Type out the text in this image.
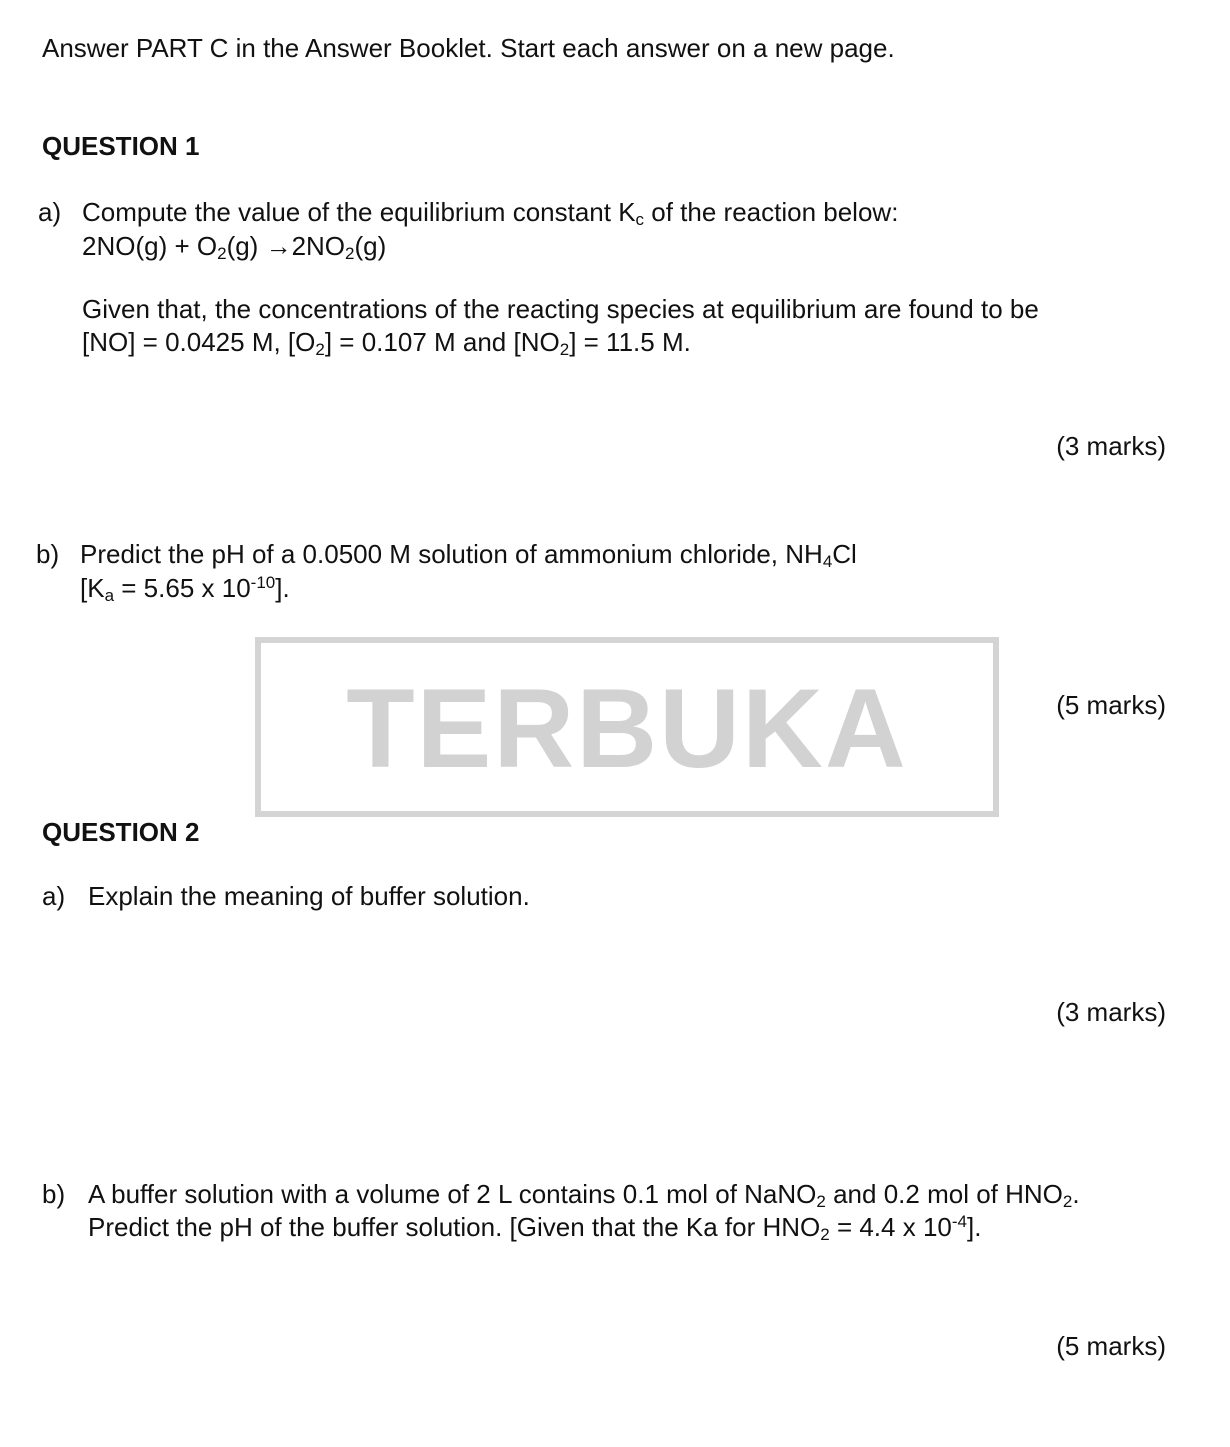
Answer PART C in the Answer Booklet. Start each answer on a new page.
QUESTION 1
a) Compute the value of the equilibrium constant $K_c$ of the reaction below:
$2NO(g) + O_2(g) \to 2NO_2(g)$
Given that, the concentrations of the reacting species at equilibrium are found to be
[NO] = 0.0425 M, $[O_2] = 0.107$ M and $[NO_2] = 11.5$ M.
(3 marks)
b) Predict the pH of a 0.0500 M solution of ammonium chloride, $NH_4Cl$
[$K_a = 5.65$ x $10^{-10}$].
(5 marks)
TERBUKA
QUESTION 2
a) Explain the meaning of buffer solution.
(3 marks)
b) A buffer solution with a volume of 2 L contains 0.1 mol of NaNO$_2$ and 0.2 mol of $HNO_2$.
Predict the pH of the buffer solution. [Given that the Ka for $HNO_2 = 4.4$ x $10^{-4}$].
(5 marks)
